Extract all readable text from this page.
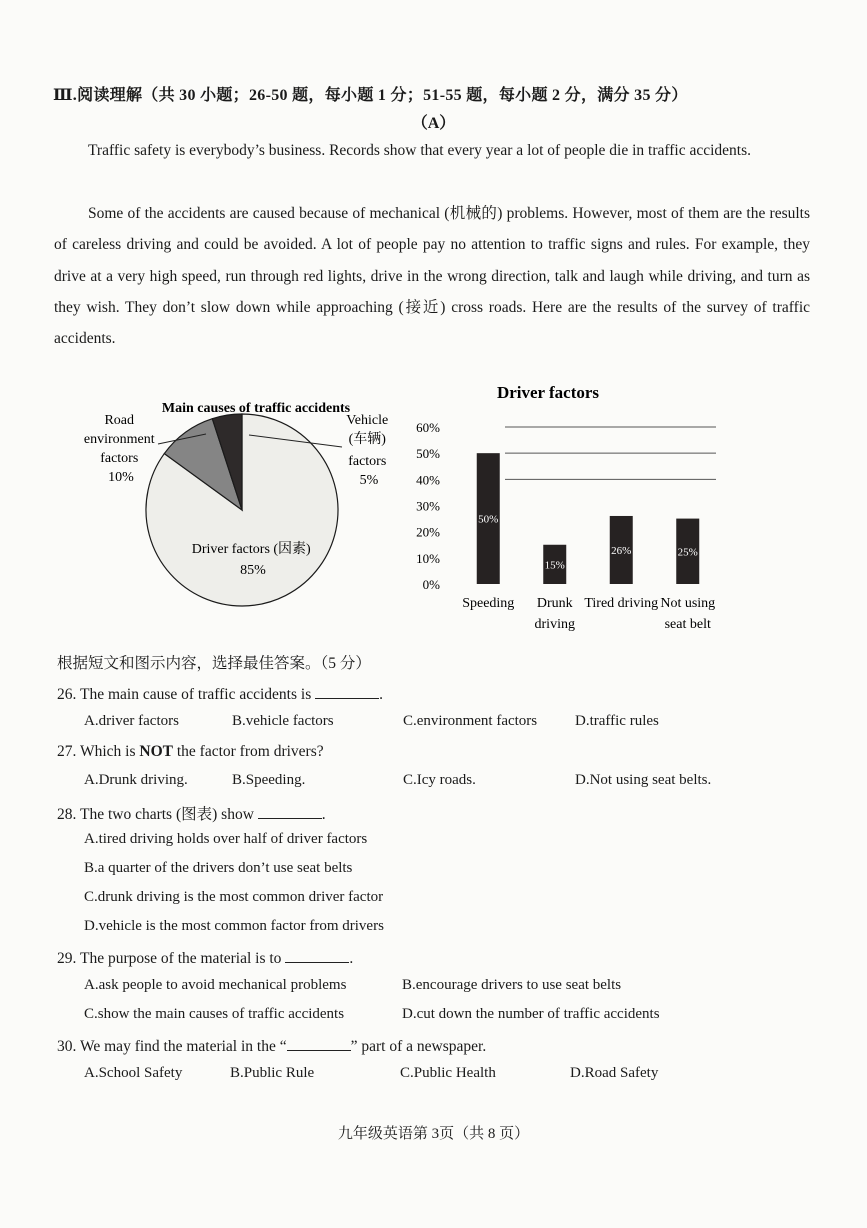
Ⅲ.阅读理解（共 30 小题；26-50 题，每小题 1 分；51-55 题，每小题 2 分，满分 35 分）
（A）
Traffic safety is everybody’s business. Records show that every year a lot of people die in traffic accidents.
Some of the accidents are caused because of mechanical (机械的) problems. However, most of them are the results of careless driving and could be avoided. A lot of people pay no attention to traffic signs and rules. For example, they drive at a very high speed, run through red lights, drive in the wrong direction, talk and laugh while driving, and turn as they wish. They don’t slow down while approaching (接近) cross roads. Here are the results of the survey of traffic accidents.
Main causes of traffic accidents
Road environment factors 10%
Vehicle (车辆) factors 5%
Driver factors (因素) 85%
Driver factors
0%
10%
20%
30%
40%
50%
60%
50%
15%
26%	25%
Speeding Drunk driving
Tired driving Not using seat belt
根据短文和图示内容，选择最佳答案。（5 分）
26. The main cause of traffic accidents is	.
A.driver factors	B.vehicle factors	C.environment factors	D.traffic rules
27. Which is NOT the factor from drivers?
A.Drunk driving.	B.Speeding.	C.Icy roads.	D.Not using seat belts.
28. The two charts (图表) show	.
A.tired driving holds over half of driver factors
B.a quarter of the drivers don’t use seat belts
C.drunk driving is the most common driver factor
D.vehicle is the most common factor from drivers
29. The purpose of the material is to	.
A.ask people to avoid mechanical problems	B.encourage drivers to use seat belts
C.show the main causes of traffic accidents	D.cut down the number of traffic accidents
30. We may find the material in the “	” part of a newspaper.
A.School Safety	B.Public Rule	C.Public Health	D.Road Safety
九年级英语第 3页（共 8 页）
